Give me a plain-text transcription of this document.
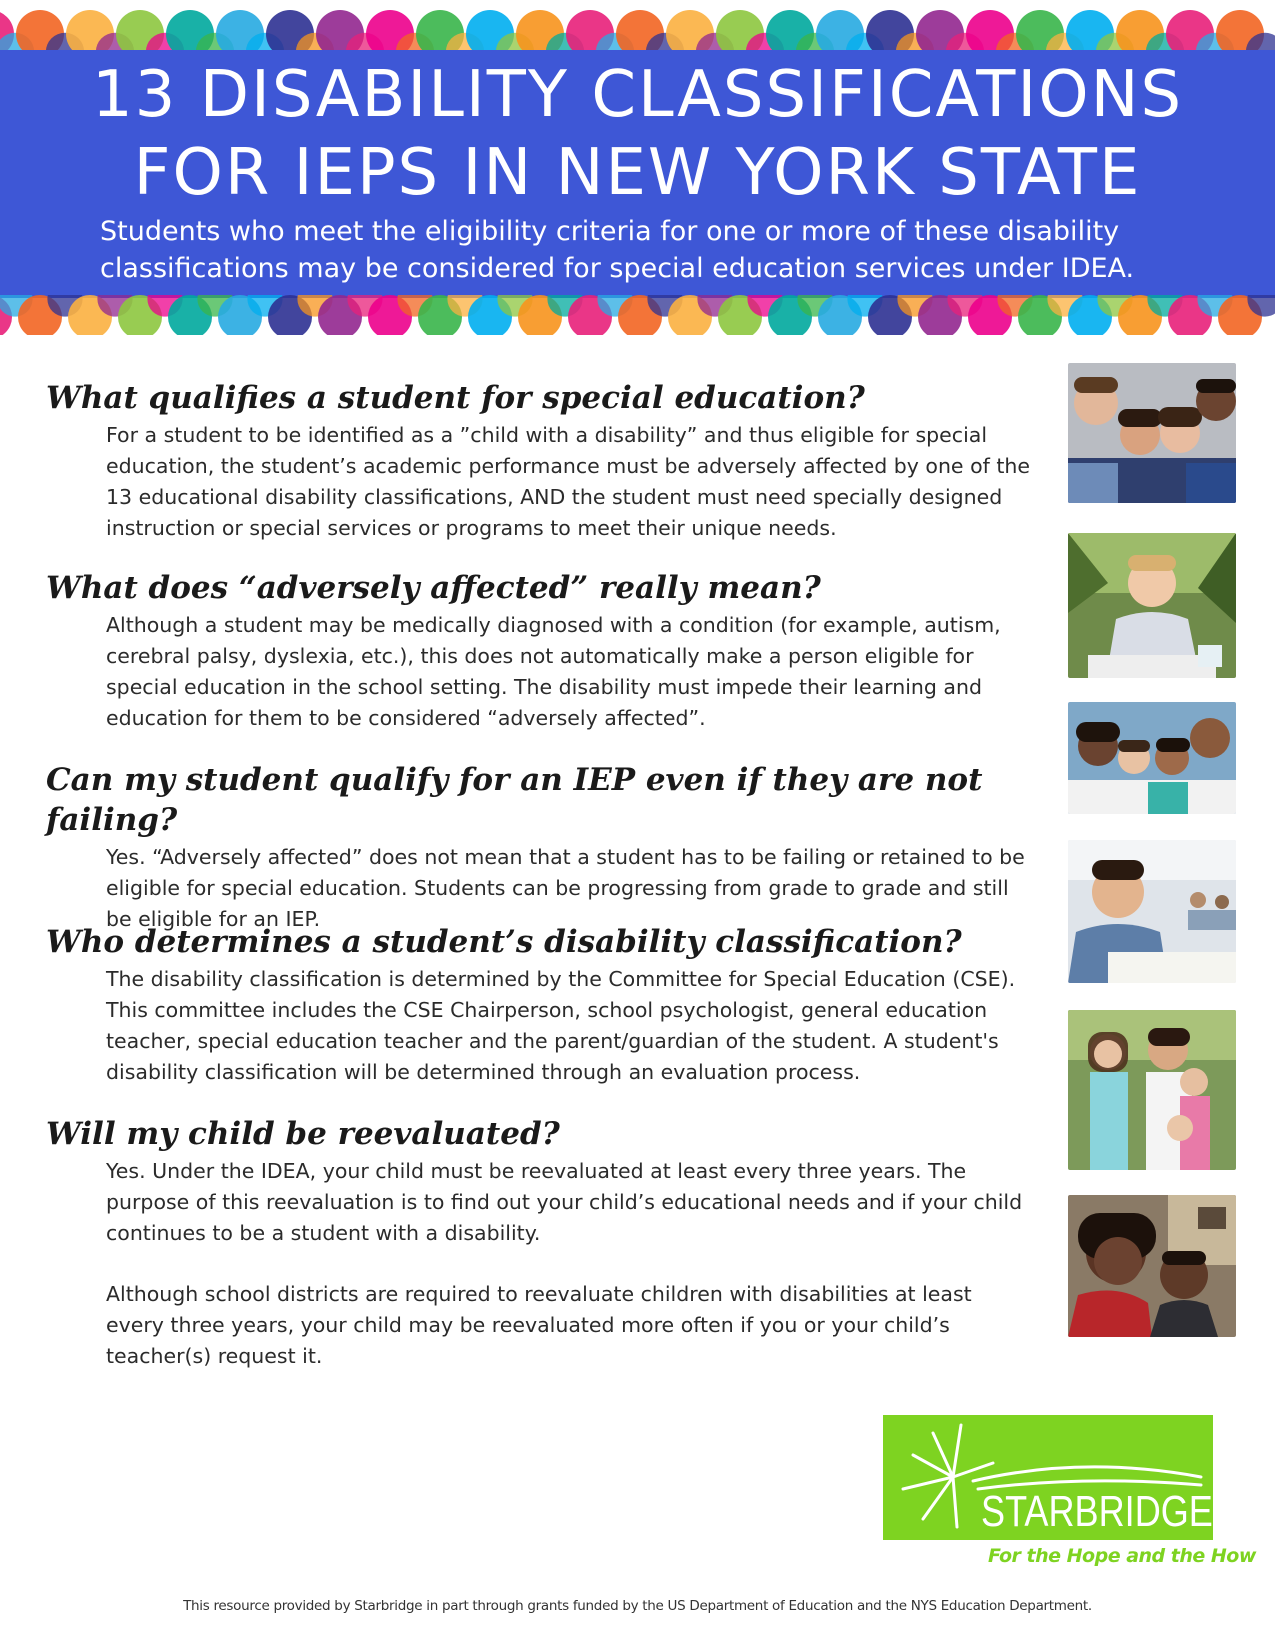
13 DISABILITY CLASSIFICATIONS
FOR IEPS IN NEW YORK STATE
Students who meet the eligibility criteria for one or more of these disability classifications may be considered for special education services under IDEA.
What qualifies a student for special education?

For a student to be identified as a ”child with a disability” and thus eligible for special education, the student’s academic performance must be adversely affected by one of the 13 educational disability classifications, AND the student must need specially designed instruction or special services or programs to meet their unique needs.

What does “adversely affected” really mean?

Although a student may be medically diagnosed with a condition (for example, autism, cerebral palsy, dyslexia, etc.), this does not automatically make a person eligible for special education in the school setting. The disability must impede their learning and education for them to be considered “adversely affected”.

Can my student qualify for an IEP even if they are not failing?

Yes. “Adversely affected” does not mean that a student has to be failing or retained to be eligible for special education. Students can be progressing from grade to grade and still be eligible for an IEP.

Who determines a student’s disability classification?

The disability classification is determined by the Committee for Special Education (CSE). This committee includes the CSE Chairperson, school psychologist, general education teacher, special education teacher and the parent/guardian of the student. A student's disability classification will be determined through an evaluation process.

Will my child be reevaluated?

Yes. Under the IDEA, your child must be reevaluated at least every three years. The purpose of this reevaluation is to find out your child’s educational needs and if your child continues to be a student with a disability.

Although school districts are required to reevaluate children with disabilities at least every three years, your child may be reevaluated more often if you or your child’s teacher(s) request it.

STARBRIDGE
For the Hope and the How
This resource provided by Starbridge in part through grants funded by the US Department of Education and the NYS Education Department.
